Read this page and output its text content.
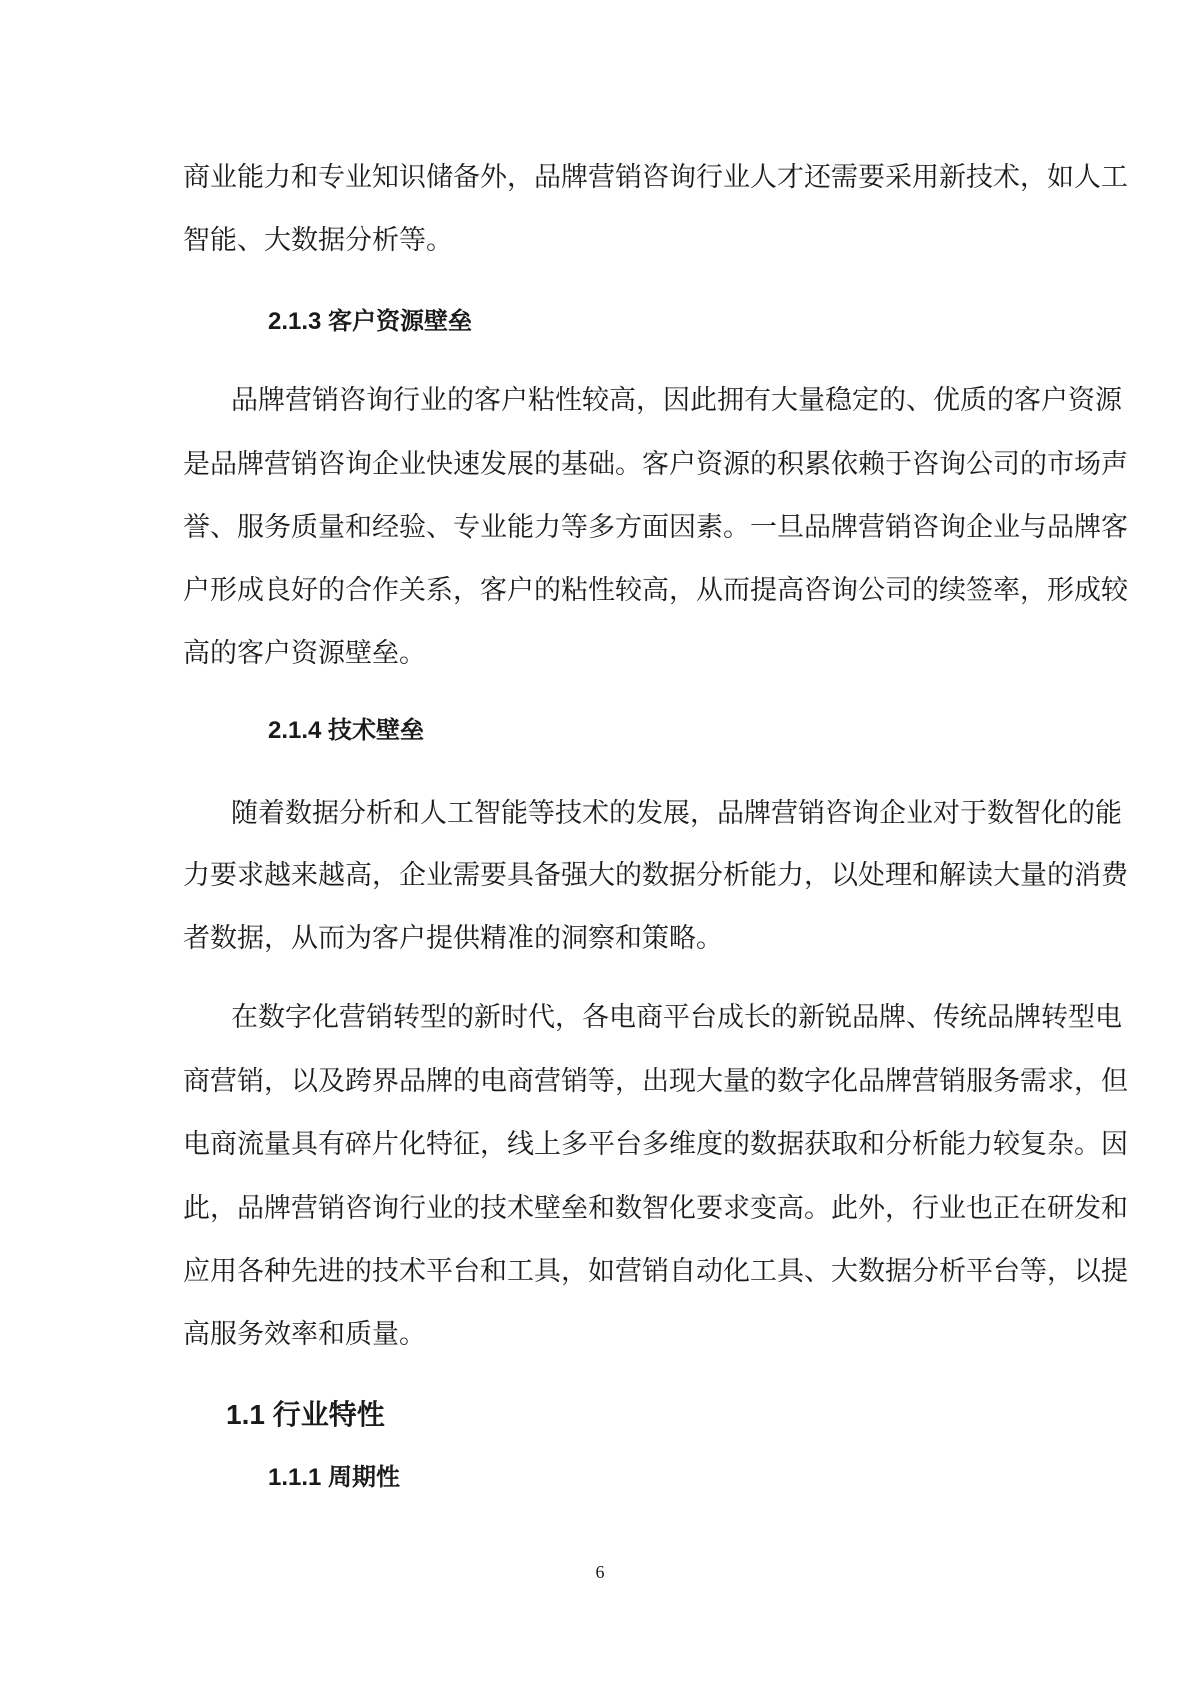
商业能力和专业知识储备外，品牌营销咨询行业人才还需要采用新技术，如人工
智能、大数据分析等。
2.1.3 客户资源壁垒
品牌营销咨询行业的客户粘性较高，因此拥有大量稳定的、优质的客户资源
是品牌营销咨询企业快速发展的基础。客户资源的积累依赖于咨询公司的市场声
誉、服务质量和经验、专业能力等多方面因素。一旦品牌营销咨询企业与品牌客
户形成良好的合作关系，客户的粘性较高，从而提高咨询公司的续签率，形成较
高的客户资源壁垒。
2.1.4 技术壁垒
随着数据分析和人工智能等技术的发展，品牌营销咨询企业对于数智化的能
力要求越来越高，企业需要具备强大的数据分析能力，以处理和解读大量的消费
者数据，从而为客户提供精准的洞察和策略。
在数字化营销转型的新时代，各电商平台成长的新锐品牌、传统品牌转型电
商营销，以及跨界品牌的电商营销等，出现大量的数字化品牌营销服务需求，但
电商流量具有碎片化特征，线上多平台多维度的数据获取和分析能力较复杂。因
此，品牌营销咨询行业的技术壁垒和数智化要求变高。此外，行业也正在研发和
应用各种先进的技术平台和工具，如营销自动化工具、大数据分析平台等，以提
高服务效率和质量。
1.1 行业特性
1.1.1 周期性
6
